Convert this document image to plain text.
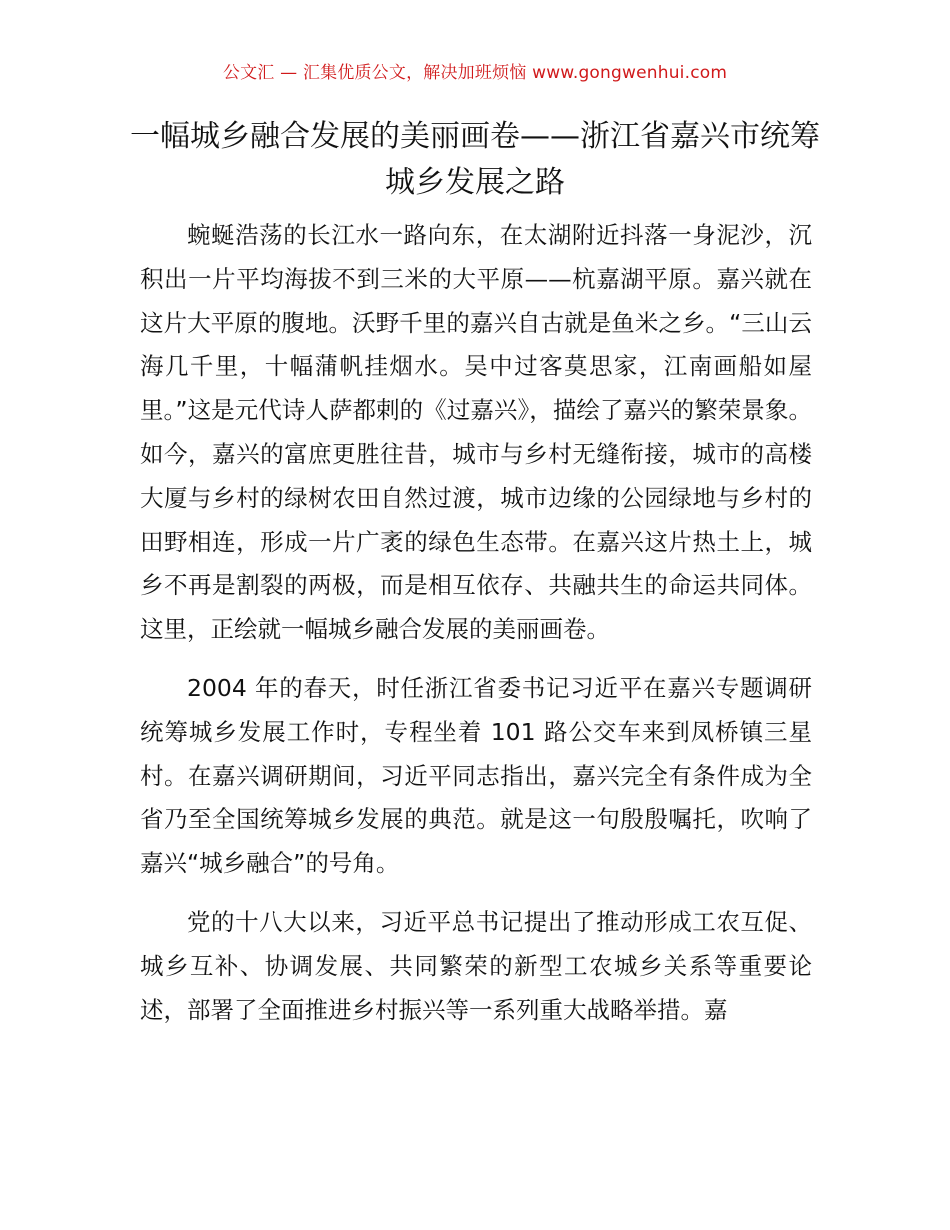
公文汇 — 汇集优质公文，解决加班烦恼 www.gongwenhui.com
一幅城乡融合发展的美丽画卷——浙江省嘉兴市统筹城乡发展之路

蜿蜒浩荡的长江水一路向东，在太湖附近抖落一身泥沙，沉积出一片平均海拔不到三米的大平原——杭嘉湖平原。嘉兴就在这片大平原的腹地。沃野千里的嘉兴自古就是鱼米之乡。“三山云海几千里，十幅蒲帆挂烟水。吴中过客莫思家，江南画船如屋里。”这是元代诗人萨都剌的《过嘉兴》，描绘了嘉兴的繁荣景象。如今，嘉兴的富庶更胜往昔，城市与乡村无缝衔接，城市的高楼大厦与乡村的绿树农田自然过渡，城市边缘的公园绿地与乡村的田野相连，形成一片广袤的绿色生态带。在嘉兴这片热土上，城乡不再是割裂的两极，而是相互依存、共融共生的命运共同体。这里，正绘就一幅城乡融合发展的美丽画卷。

2004 年的春天，时任浙江省委书记习近平在嘉兴专题调研统筹城乡发展工作时，专程坐着 101 路公交车来到凤桥镇三星村。在嘉兴调研期间，习近平同志指出，嘉兴完全有条件成为全省乃至全国统筹城乡发展的典范。就是这一句殷殷嘱托，吹响了嘉兴“城乡融合”的号角。

党的十八大以来，习近平总书记提出了推动形成工农互促、城乡互补、协调发展、共同繁荣的新型工农城乡关系等重要论述，部署了全面推进乡村振兴等一系列重大战略举措。嘉
